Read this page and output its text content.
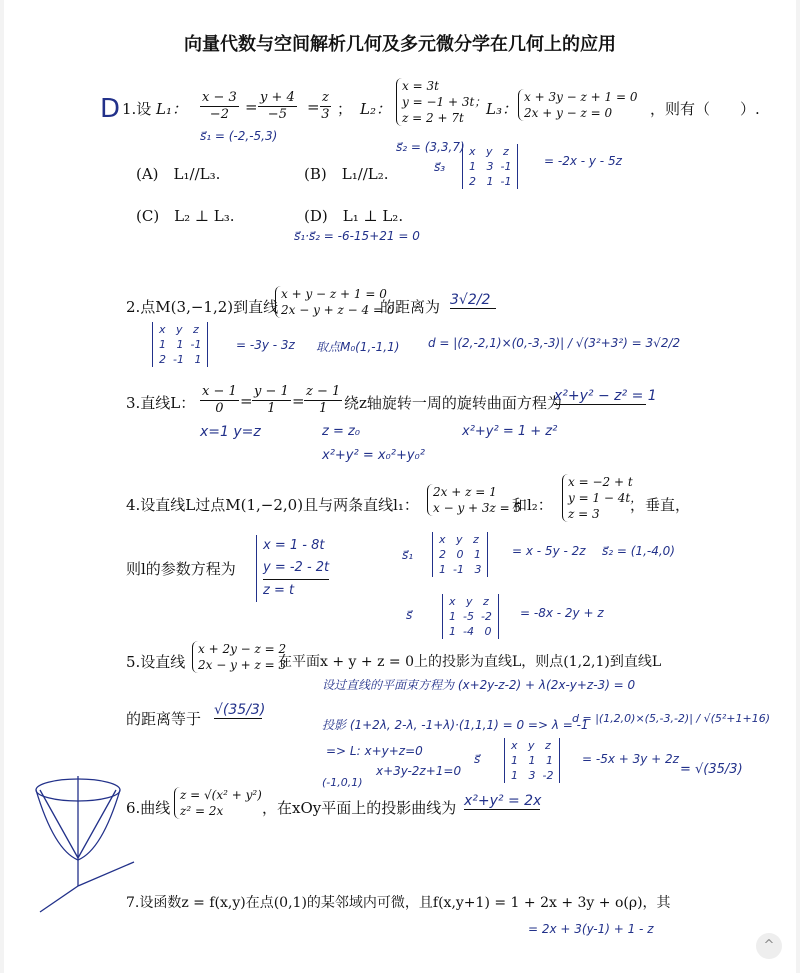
向量代数与空间解析几何及多元微分学在几何上的应用
D 1.设 L₁： $\frac{x - 3}{-2} = \frac{y + 4}{-5} = \frac{z}{3}$ ； L₂：
x = 3t
y = −1 + 3t；
z = 2 + 7t	L₃：
x + 3y − z + 1 = 0
2x + y − z = 0	，则有（　　）.
s⃗₁ = (-2,-5,3)
s⃗₂ = (3,3,7)
s⃗₃
x   y   z
1   3  -1
2   1  -1
= -2x - y - 5z
(A)　L₁//L₃.	(B)　L₁//L₂.
(C)　L₂ ⊥ L₃.	(D)　L₁ ⊥ L₂.
s⃗₁·s⃗₂ = -6-15+21 = 0
2.点M(3,−1,2)到直线
x + y − z + 1 = 0
2x − y + z − 4 = 0
的距离为 3√2/2
x   y   z
1   1  -1
2  -1   1
= -3y - 3z 取点M₀(1,-1,1) d = |(2,-2,1)×(0,-3,-3)| / √(3²+3²) = 3√2/2
3.直线L： $\frac{x - 1}{0} = \frac{y - 1}{1} = \frac{z - 1}{1}$ 绕z轴旋转一周的旋转曲面方程为
x²+y² − z² = 1
x=1 y=z	z = z₀
x²+y² = x₀²+y₀²
x²+y² = 1 + z²
4.设直线L过点M(1,−2,0)且与两条直线l₁：
2x + z = 1
x − y + 3z = 5
和l₂：
x = −2 + t
y = 1 − 4t，
z = 3	，垂直，
则l的参数方程为
x = 1 - 8t
y = -2 - 2t
z = t
s⃗₁
x   y   z
2   0   1
1  -1   3
= x - 5y - 2z s⃗₂ = (1,-4,0)
s⃗
x   y   z
1  -5  -2
1  -4   0
= -8x - 2y + z
5.设直线
x + 2y − z = 2
2x − y + z = 3
在平面x + y + z = 0上的投影为直线L，则点(1,2,1)到直线L
的距离等于 √(35/3)
设过直线的平面束方程为 (x+2y-z-2) + λ(2x-y+z-3) = 0
投影 (1+2λ, 2-λ, -1+λ)·(1,1,1) = 0 => λ = -1
=> L: x+y+z=0
x+3y-2z+1=0
(-1,0,1)
s⃗
x   y   z
1   1   1
1   3  -2
= -5x + 3y + 2z
d = |(1,2,0)×(5,-3,-2)| / √(5²+1+16)
= √(35/3)
6.曲线
z = √(x² + y²)
z² = 2x	，在xOy平面上的投影曲线为 x²+y² = 2x
7.设函数z = f(x,y)在点(0,1)的某邻域内可微，且f(x,y+1) = 1 + 2x + 3y + o(ρ)，其
= 2x + 3(y-1) + 1 - z
^
